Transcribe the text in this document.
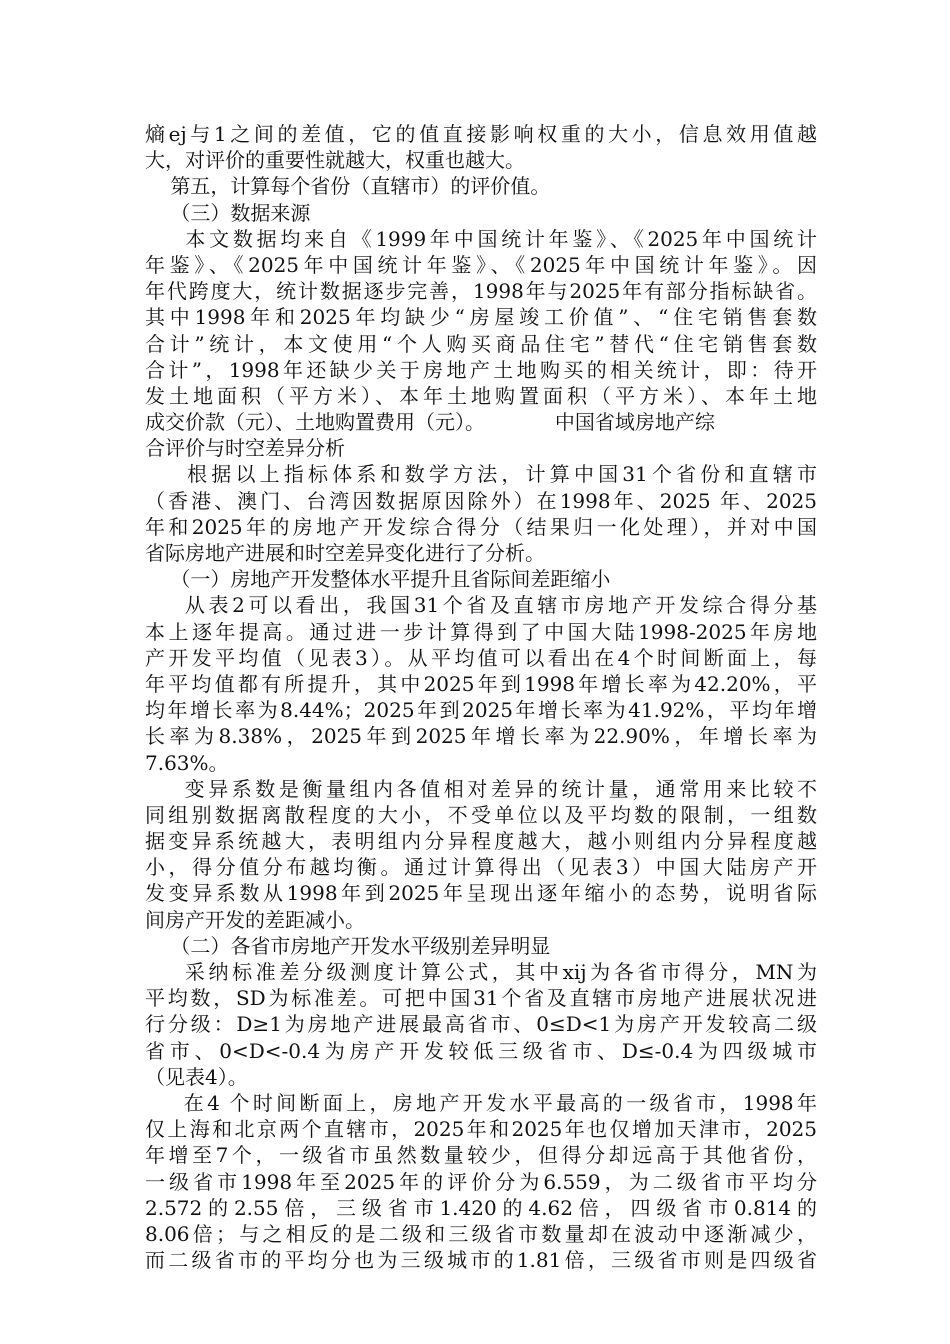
熵ej与1之间的差值，它的值直接影响权重的大小，信息效用值越
大，对评价的重要性就越大，权重也越大。
第五，计算每个省份（直辖市）的评价值。
（三）数据来源
本文数据均来自《1999年中国统计年鉴》、《2025年中国统计
年鉴》、《2025年中国统计年鉴》、《2025年中国统计年鉴》。因
年代跨度大，统计数据逐步完善，1998年与2025年有部分指标缺省。
其中1998年和2025年均缺少“房屋竣工价值”、“住宅销售套数
合计”统计，本文使用“个人购买商品住宅”替代“住宅销售套数
合计”，1998年还缺少关于房地产土地购买的相关统计，即：待开
发土地面积（平方米）、本年土地购置面积（平方米）、本年土地
成交价款（元）、土地购置费用（元）。           中国省域房地产综
合评价与时空差异分析
根据以上指标体系和数学方法，计算中国31个省份和直辖市
（香港、澳门、台湾因数据原因除外）在1998年、2025 年、2025
年和2025年的房地产开发综合得分（结果归一化处理），并对中国
省际房地产进展和时空差异变化进行了分析。
（一）房地产开发整体水平提升且省际间差距缩小
从表2可以看出，我国31个省及直辖市房地产开发综合得分基
本上逐年提高。通过进一步计算得到了中国大陆1998-2025年房地
产开发平均值（见表3）。从平均值可以看出在4个时间断面上，每
年平均值都有所提升，其中2025年到1998年增长率为42.20%，平
均年增长率为8.44%；2025年到2025年增长率为41.92%，平均年增
长率为8.38%，2025年到2025年增长率为22.90%，年增长率为
7.63%。
变异系数是衡量组内各值相对差异的统计量，通常用来比较不
同组别数据离散程度的大小，不受单位以及平均数的限制，一组数
据变异系统越大，表明组内分异程度越大，越小则组内分异程度越
小，得分值分布越均衡。通过计算得出（见表3）中国大陆房产开
发变异系数从1998年到2025年呈现出逐年缩小的态势，说明省际
间房产开发的差距减小。
（二）各省市房地产开发水平级别差异明显
采纳标准差分级测度计算公式，其中xij为各省市得分，MN为
平均数，SD为标准差。可把中国31个省及直辖市房地产进展状况进
行分级：D≥1为房地产进展最高省市、0≤D<1为房产开发较高二级
省市、0<D<-0.4为房产开发较低三级省市、D≤-0.4为四级城市
（见表4）。
在4 个时间断面上，房地产开发水平最高的一级省市，1998年
仅上海和北京两个直辖市，2025年和2025年也仅增加天津市，2025
年增至7个，一级省市虽然数量较少，但得分却远高于其他省份，
一级省市1998年至2025年的评价分为6.559，为二级省市平均分
2.572的2.55倍，三级省市1.420的4.62倍，四级省市0.814的
8.06倍；与之相反的是二级和三级省市数量却在波动中逐渐减少，
而二级省市的平均分也为三级城市的1.81倍，三级省市则是四级省
